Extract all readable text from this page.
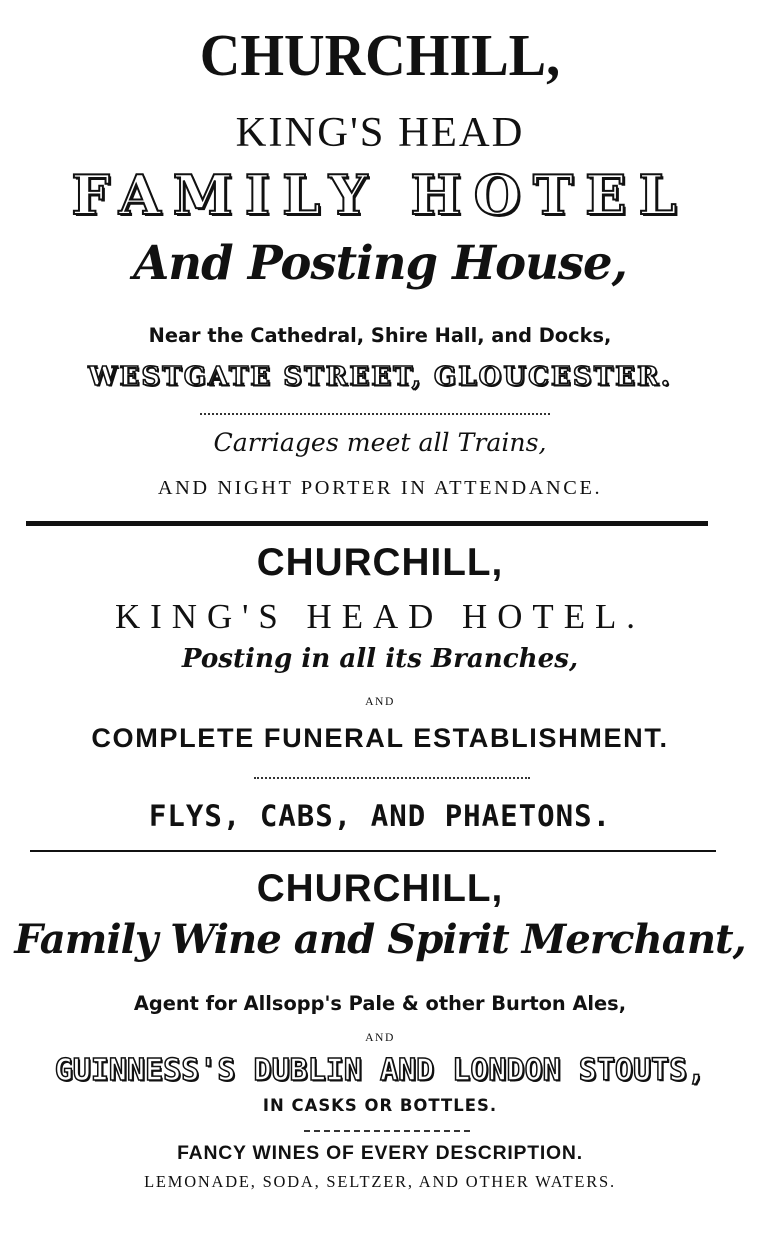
CHURCHILL,
KING'S HEAD
FAMILY HOTEL
And Posting House,
Near the Cathedral, Shire Hall, and Docks,
WESTGATE STREET, GLOUCESTER.
Carriages meet all Trains,
AND NIGHT PORTER IN ATTENDANCE.
CHURCHILL,
KING'S HEAD HOTEL.
Posting in all its Branches,
AND
COMPLETE FUNERAL ESTABLISHMENT.
FLYS, CABS, AND PHAETONS.
CHURCHILL,
Family Wine and Spirit Merchant,
Agent for Allsopp's Pale & other Burton Ales,
AND
GUINNESS'S DUBLIN AND LONDON STOUTS,
IN CASKS OR BOTTLES.
FANCY WINES OF EVERY DESCRIPTION.
LEMONADE, SODA, SELTZER, AND OTHER WATERS.
